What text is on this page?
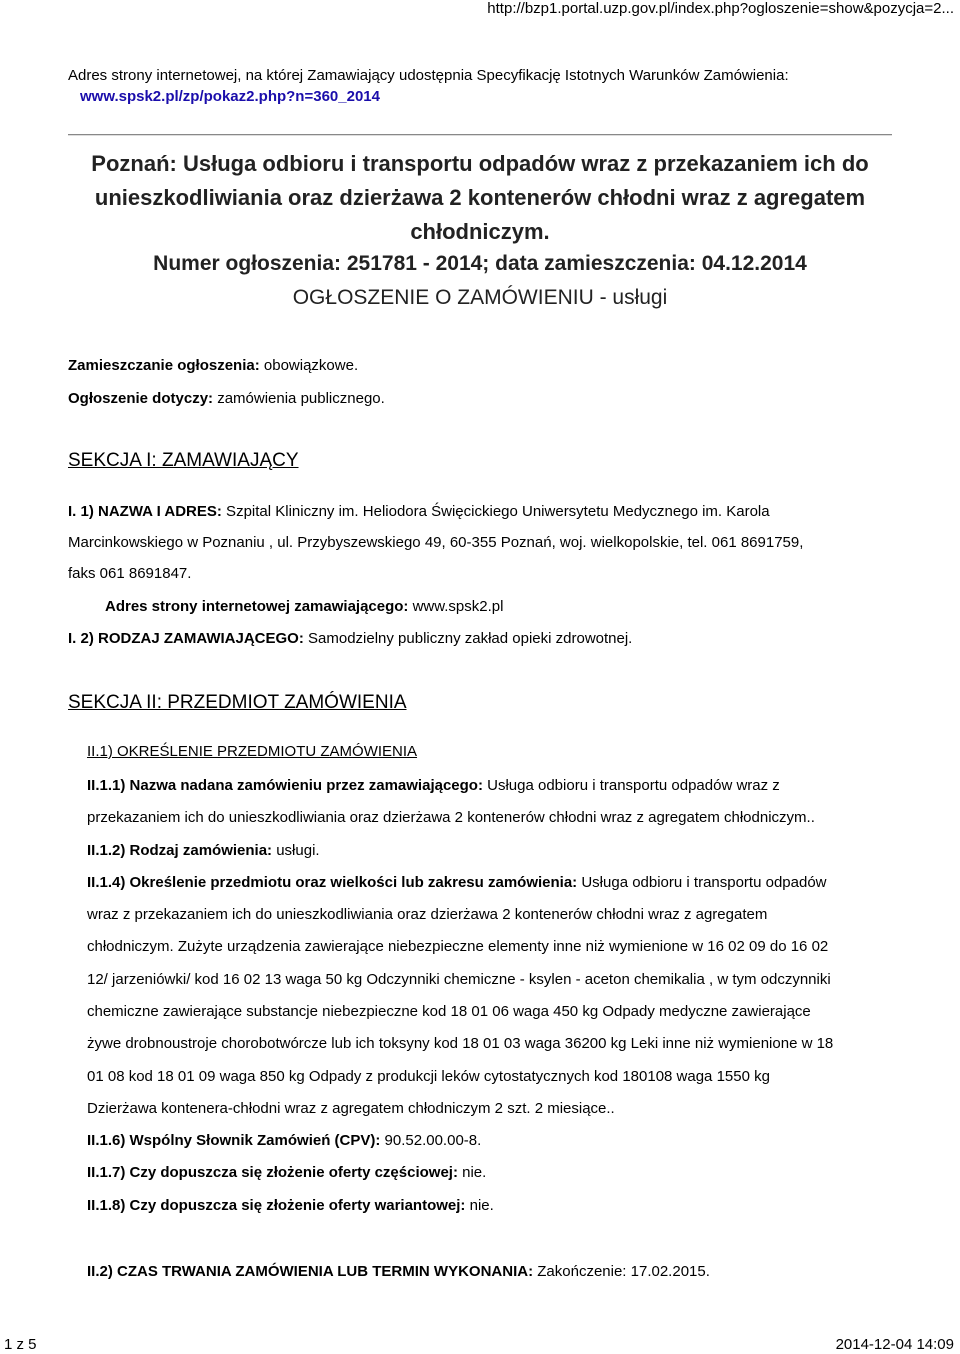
http://bzp1.portal.uzp.gov.pl/index.php?ogloszenie=show&pozycja=2...
Adres strony internetowej, na której Zamawiający udostępnia Specyfikację Istotnych Warunków Zamówienia:
www.spsk2.pl/zp/pokaz2.php?n=360_2014
Poznań: Usługa odbioru i transportu odpadów wraz z przekazaniem ich do
unieszkodliwiania oraz dzierżawa 2 kontenerów chłodni wraz z agregatem
chłodniczym.
Numer ogłoszenia: 251781 - 2014; data zamieszczenia: 04.12.2014
OGŁOSZENIE O ZAMÓWIENIU - usługi
Zamieszczanie ogłoszenia: obowiązkowe.
Ogłoszenie dotyczy: zamówienia publicznego.
SEKCJA I: ZAMAWIAJĄCY
I. 1) NAZWA I ADRES: Szpital Kliniczny im. Heliodora Święcickiego Uniwersytetu Medycznego im. Karola
Marcinkowskiego w Poznaniu , ul. Przybyszewskiego 49, 60-355 Poznań, woj. wielkopolskie, tel. 061 8691759,
faks 061 8691847.
Adres strony internetowej zamawiającego: www.spsk2.pl
I. 2) RODZAJ ZAMAWIAJĄCEGO: Samodzielny publiczny zakład opieki zdrowotnej.
SEKCJA II: PRZEDMIOT ZAMÓWIENIA
II.1) OKREŚLENIE PRZEDMIOTU ZAMÓWIENIA
II.1.1) Nazwa nadana zamówieniu przez zamawiającego: Usługa odbioru i transportu odpadów wraz z
przekazaniem ich do unieszkodliwiania oraz dzierżawa 2 kontenerów chłodni wraz z agregatem chłodniczym..
II.1.2) Rodzaj zamówienia: usługi.
II.1.4) Określenie przedmiotu oraz wielkości lub zakresu zamówienia: Usługa odbioru i transportu odpadów
wraz z przekazaniem ich do unieszkodliwiania oraz dzierżawa 2 kontenerów chłodni wraz z agregatem
chłodniczym. Zużyte urządzenia zawierające niebezpieczne elementy inne niż wymienione w 16 02 09 do 16 02
12/ jarzeniówki/ kod 16 02 13 waga 50 kg Odczynniki chemiczne - ksylen - aceton chemikalia , w tym odczynniki
chemiczne zawierające substancje niebezpieczne kod 18 01 06 waga 450 kg Odpady medyczne zawierające
żywe drobnoustroje chorobotwórcze lub ich toksyny kod 18 01 03 waga 36200 kg Leki inne niż wymienione w 18
01 08 kod 18 01 09 waga 850 kg Odpady z produkcji leków cytostatycznych kod 180108 waga 1550 kg
Dzierżawa kontenera-chłodni wraz z agregatem chłodniczym 2 szt. 2 miesiące..
II.1.6) Wspólny Słownik Zamówień (CPV): 90.52.00.00-8.
II.1.7) Czy dopuszcza się złożenie oferty częściowej: nie.
II.1.8) Czy dopuszcza się złożenie oferty wariantowej: nie.
II.2) CZAS TRWANIA ZAMÓWIENIA LUB TERMIN WYKONANIA: Zakończenie: 17.02.2015.
1 z 5	2014-12-04 14:09
